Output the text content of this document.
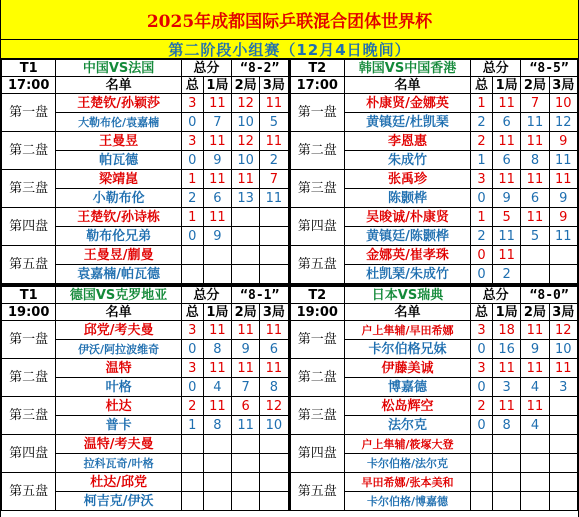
2025年成都国际乒联混合团体世界杯
第二阶段小组赛（12月4日晚间）
T1	中国VS法国	总分		“8-2”	
17:00	名单	总	1局	2局	3局
第一盘	王楚钦/孙颖莎	3	11	12	11
	大勒布伦/袁嘉楠	0	7	10	5
第二盘	王曼昱	3	11	12	11
	帕瓦德	0	9	10	2
第三盘	梁靖崑	1	11	11	7
	小勒布伦	2	6	13	11
第四盘	王楚钦/孙诗栋	1	11		
	勒布伦兄弟	0	9		
第五盘	王曼昱/蒯曼				
	袁嘉楠/帕瓦德				
T2	韩国VS中国香港	总分		“8-5”	
17:00	名单	总	1局	2局	3局
第一盘	朴康贤/金娜英	1	11	7	10
	黄镇廷/杜凯琹	2	6	11	12
第二盘	李恩惠	2	11	11	9
	朱成竹	1	6	8	11
第三盘	张禹珍	3	11	11	11
	陈颢桦	0	9	6	9
第四盘	吴晙诚/朴康贤	1	5	11	9
	黄镇廷/陈颢桦	2	11	5	11
第五盘	金娜英/崔孝珠	0	11		
	杜凯琹/朱成竹	0	2		
T1	德国VS克罗地亚	总分		“8-1”	
19:00	名单	总	1局	2局	3局
第一盘	邱党/考夫曼	3	11	11	11
	伊沃/阿拉波维奇	0	8	9	6
第二盘	温特	3	11	11	11
	叶格	0	4	7	8
第三盘	杜达	2	11	6	12
	普卡	1	8	11	10
第四盘	温特/考夫曼				
	拉科瓦奇/叶格				
第五盘	杜达/邱党				
	柯吉克/伊沃				
T2	日本VS瑞典	总分		“8-0”	
19:00	名单	总	1局	2局	3局
第一盘	户上隼辅/早田希娜	3	18	11	12
	卡尔伯格兄妹	0	16	9	10
第二盘	伊藤美诚	3	11	11	11
	博嘉德	0	3	4	3
第三盘	松岛辉空	2	11	11	
	法尔克	0	8	4	
第四盘	户上隼辅/筱塚大登				
	卡尔伯格/法尔克				
第五盘	早田希娜/张本美和				
	卡尔伯格/博嘉德				
